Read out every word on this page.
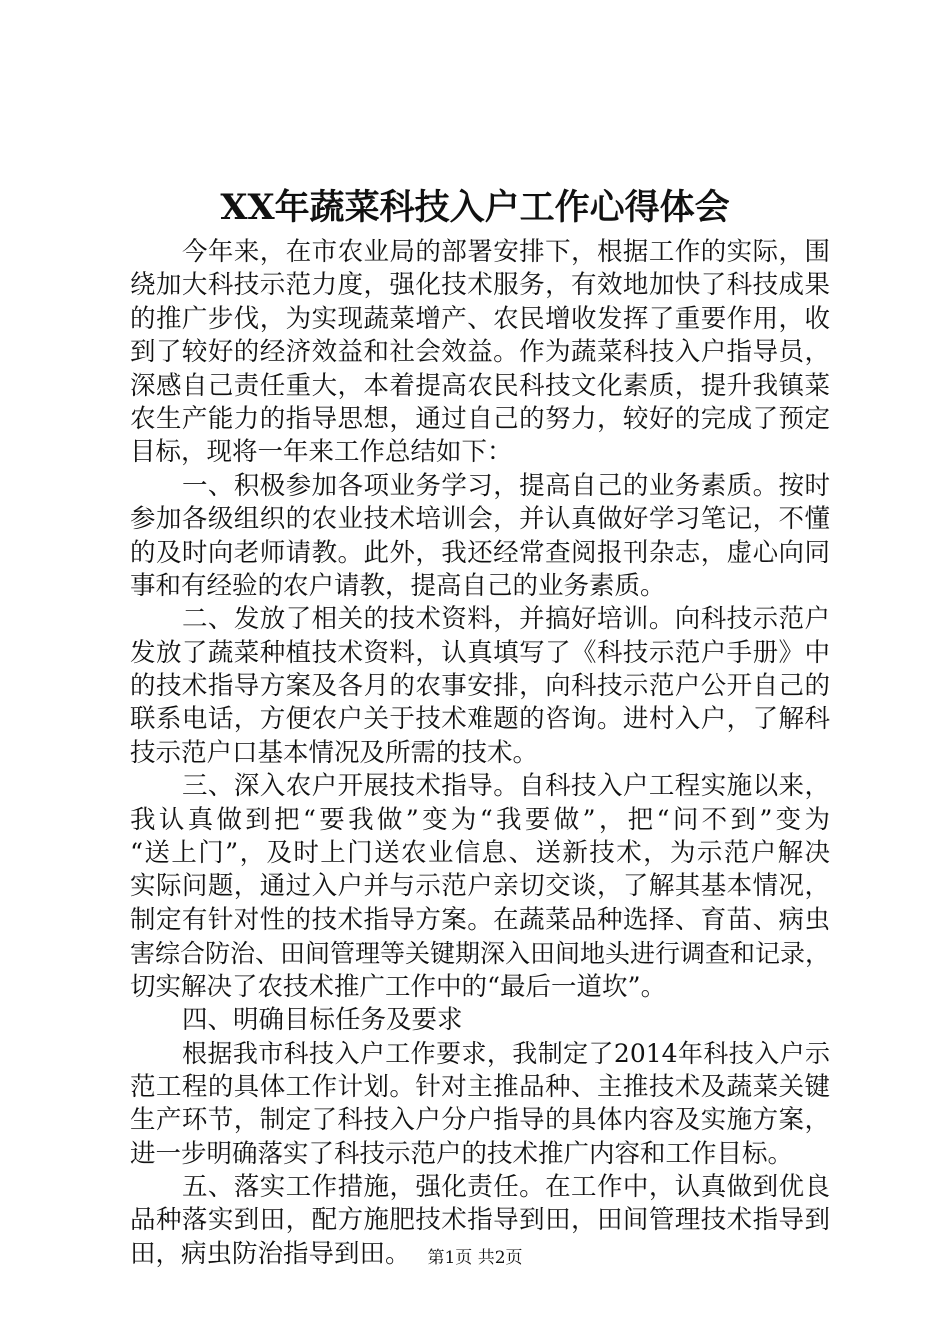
XX年蔬菜科技入户工作心得体会
今年来，在市农业局的部署安排下，根据工作的实际，围
绕加大科技示范力度，强化技术服务，有效地加快了科技成果
的推广步伐，为实现蔬菜增产、农民增收发挥了重要作用，收
到了较好的经济效益和社会效益。作为蔬菜科技入户指导员，
深感自己责任重大，本着提高农民科技文化素质，提升我镇菜
农生产能力的指导思想，通过自己的努力，较好的完成了预定
目标，现将一年来工作总结如下：
一、积极参加各项业务学习，提高自己的业务素质。按时
参加各级组织的农业技术培训会，并认真做好学习笔记，不懂
的及时向老师请教。此外，我还经常查阅报刊杂志，虚心向同
事和有经验的农户请教，提高自己的业务素质。
二、发放了相关的技术资料，并搞好培训。向科技示范户
发放了蔬菜种植技术资料，认真填写了《科技示范户手册》中
的技术指导方案及各月的农事安排，向科技示范户公开自己的
联系电话，方便农户关于技术难题的咨询。进村入户，了解科
技示范户口基本情况及所需的技术。
三、深入农户开展技术指导。自科技入户工程实施以来，
我认真做到把“要我做”变为“我要做”，把“问不到”变为
“送上门”，及时上门送农业信息、送新技术，为示范户解决
实际问题，通过入户并与示范户亲切交谈，了解其基本情况，
制定有针对性的技术指导方案。在蔬菜品种选择、育苗、病虫
害综合防治、田间管理等关键期深入田间地头进行调查和记录，
切实解决了农技术推广工作中的“最后一道坎”。
四、明确目标任务及要求
根据我市科技入户工作要求，我制定了2014年科技入户示
范工程的具体工作计划。针对主推品种、主推技术及蔬菜关键
生产环节，制定了科技入户分户指导的具体内容及实施方案，
进一步明确落实了科技示范户的技术推广内容和工作目标。
五、落实工作措施，强化责任。在工作中，认真做到优良
品种落实到田，配方施肥技术指导到田，田间管理技术指导到
田，病虫防治指导到田。 第1页 共2页
